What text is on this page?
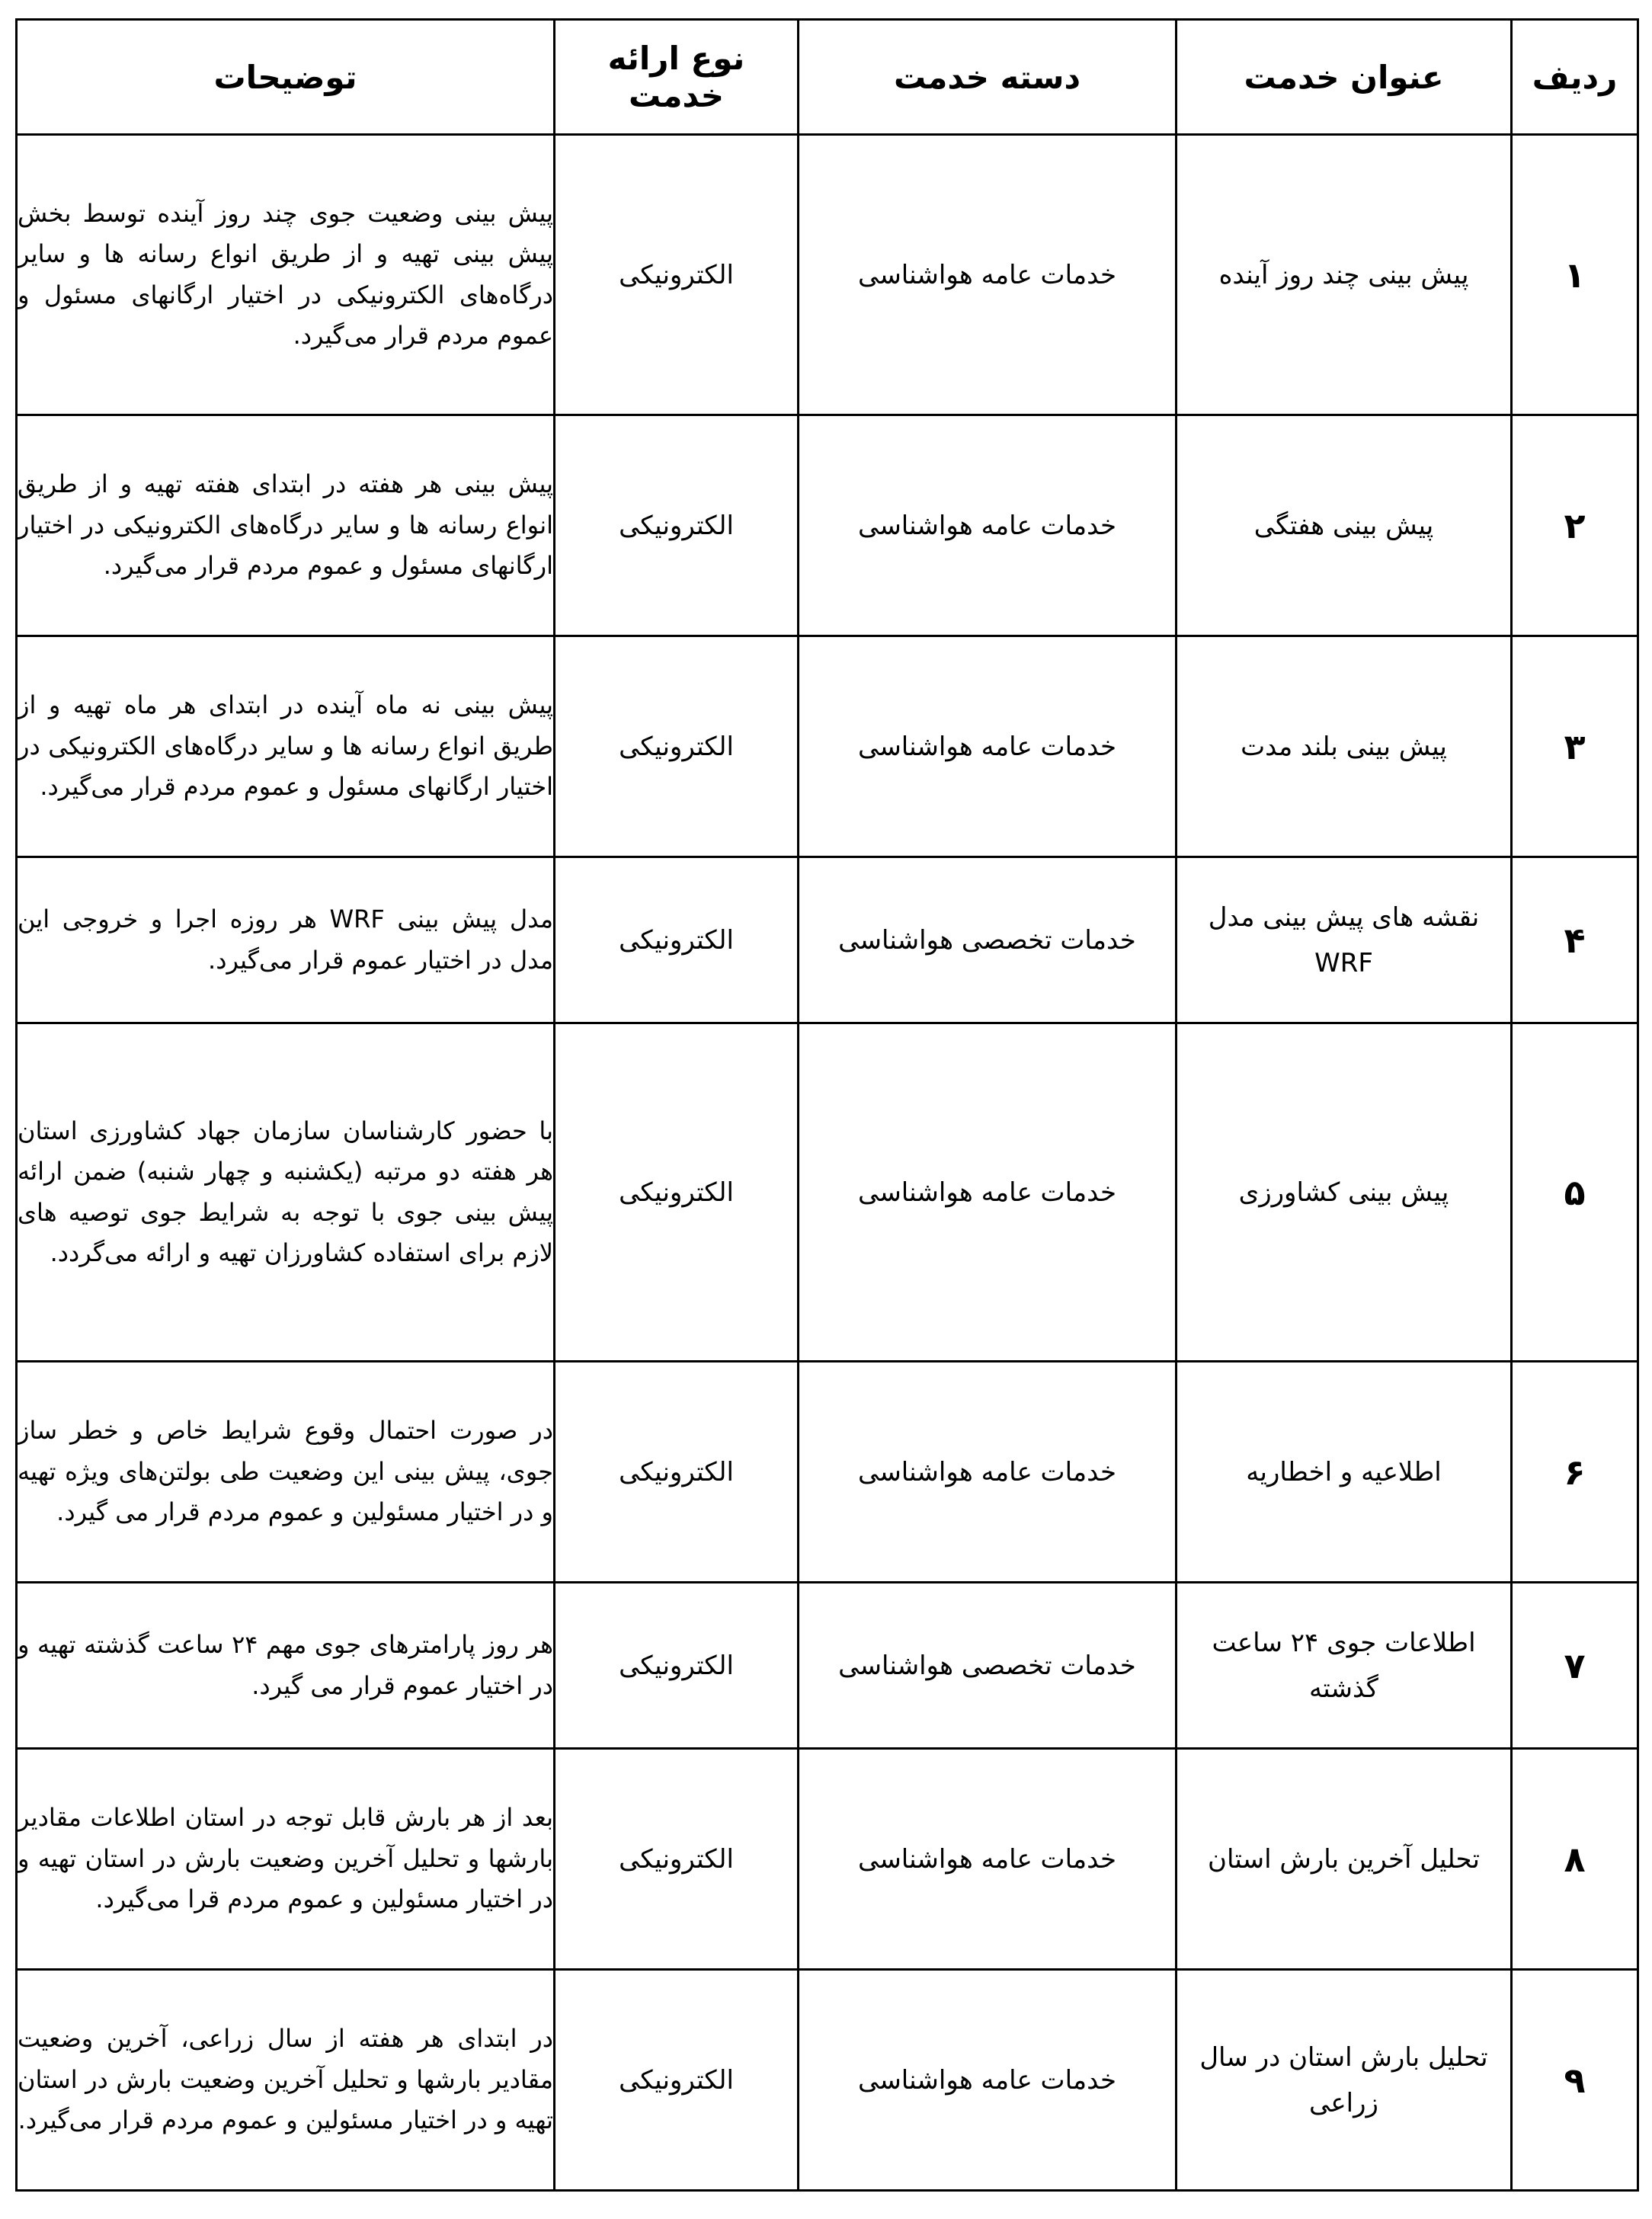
ردیف	عنوان خدمت	دسته خدمت	نوع ارائه خدمت	توضیحات
۱	پیش بینی چند روز آینده	خدمات عامه هواشناسی	الکترونیکی	پیش بینی وضعیت جوی چند روز آینده توسط بخش پیش بینی تهیه و از طریق انواع رسانه ها و سایر درگاه‌های الکترونیکی در اختیار ارگانهای مسئول و عموم مردم قرار می‌گیرد.
۲	پیش بینی هفتگی	خدمات عامه هواشناسی	الکترونیکی	پیش بینی هر هفته در ابتدای هفته تهیه و از طریق انواع رسانه ها و سایر درگاه‌های الکترونیکی در اختیار ارگانهای مسئول و عموم مردم قرار می‌گیرد.
۳	پیش بینی بلند مدت	خدمات عامه هواشناسی	الکترونیکی	پیش بینی نه ماه آینده در ابتدای هر ماه تهیه و از طریق انواع رسانه ها و سایر درگاه‌های الکترونیکی در اختیار ارگانهای مسئول و عموم مردم قرار می‌گیرد.
۴	نقشه های پیش بینی مدل WRF	خدمات تخصصی هواشناسی	الکترونیکی	مدل پیش بینی WRF هر روزه اجرا و خروجی این مدل در اختیار عموم قرار می‌گیرد.
۵	پیش بینی کشاورزی	خدمات عامه هواشناسی	الکترونیکی	با حضور کارشناسان سازمان جهاد کشاورزی استان هر هفته دو مرتبه (یکشنبه و چهار شنبه) ضمن ارائه پیش بینی جوی با توجه به شرایط جوی توصیه های لازم برای استفاده کشاورزان تهیه و ارائه می‌گردد.
۶	اطلاعیه و اخطاریه	خدمات عامه هواشناسی	الکترونیکی	در صورت احتمال وقوع شرایط خاص و خطر ساز جوی، پیش بینی این وضعیت طی بولتن‌های ویژه تهیه و در اختیار مسئولین و عموم مردم قرار می گیرد.
۷	اطلاعات جوی ۲۴ ساعت گذشته	خدمات تخصصی هواشناسی	الکترونیکی	هر روز پارامترهای جوی مهم ۲۴ ساعت گذشته تهیه و در اختیار عموم قرار می گیرد.
۸	تحلیل آخرین بارش استان	خدمات عامه هواشناسی	الکترونیکی	بعد از هر بارش قابل توجه در استان اطلاعات مقادیر بارشها و تحلیل آخرین وضعیت بارش در استان تهیه و در اختیار مسئولین و عموم مردم قرا می‌گیرد.
۹	تحلیل بارش استان در سال زراعی	خدمات عامه هواشناسی	الکترونیکی	در ابتدای هر هفته از سال زراعی، آخرین وضعیت مقادیر بارشها و تحلیل آخرین وضعیت بارش در استان تهیه و در اختیار مسئولین و عموم مردم قرار می‌گیرد.
